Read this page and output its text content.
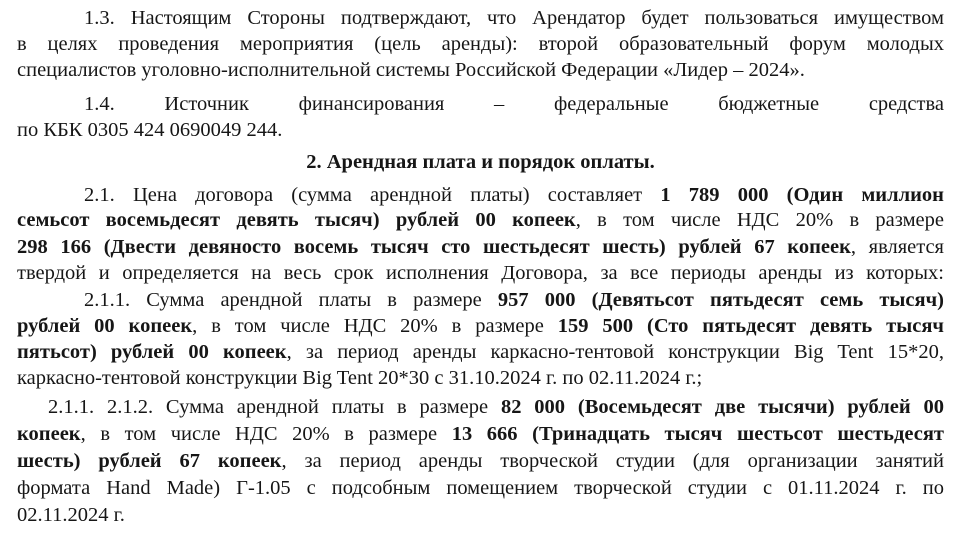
1.3. Настоящим Стороны подтверждают, что Арендатор будет пользоваться имуществом
в целях проведения мероприятия (цель аренды): второй образовательный форум молодых
специалистов уголовно-исполнительной системы Российской Федерации «Лидер – 2024».
1.4. Источник финансирования – федеральные бюджетные средства
по КБК 0305 424 0690049 244.
2. Арендная плата и порядок оплаты.
2.1. Цена договора (сумма арендной платы) составляет 1 789 000 (Один миллион
семьсот восемьдесят девять тысяч) рублей 00 копеек, в том числе НДС 20% в размере
298 166 (Двести девяносто восемь тысяч сто шестьдесят шесть) рублей 67 копеек, является
твердой и определяется на весь срок исполнения Договора, за все периоды аренды из которых:
2.1.1. Сумма арендной платы в размере 957 000 (Девятьсот пятьдесят семь тысяч)
рублей 00 копеек, в том числе НДС 20% в размере 159 500 (Сто пятьдесят девять тысяч
пятьсот) рублей 00 копеек, за период аренды каркасно-тентовой конструкции Big Tent 15*20,
каркасно-тентовой конструкции Big Tent 20*30 с 31.10.2024 г. по 02.11.2024 г.;
2.1.1. 2.1.2. Сумма арендной платы в размере 82 000 (Восемьдесят две тысячи) рублей 00
копеек, в том числе НДС 20% в размере 13 666 (Тринадцать тысяч шестьсот шестьдесят
шесть) рублей 67 копеек, за период аренды творческой студии (для организации занятий
формата Hand Made) Г-1.05 с подсобным помещением творческой студии с 01.11.2024 г. по
02.11.2024 г.
